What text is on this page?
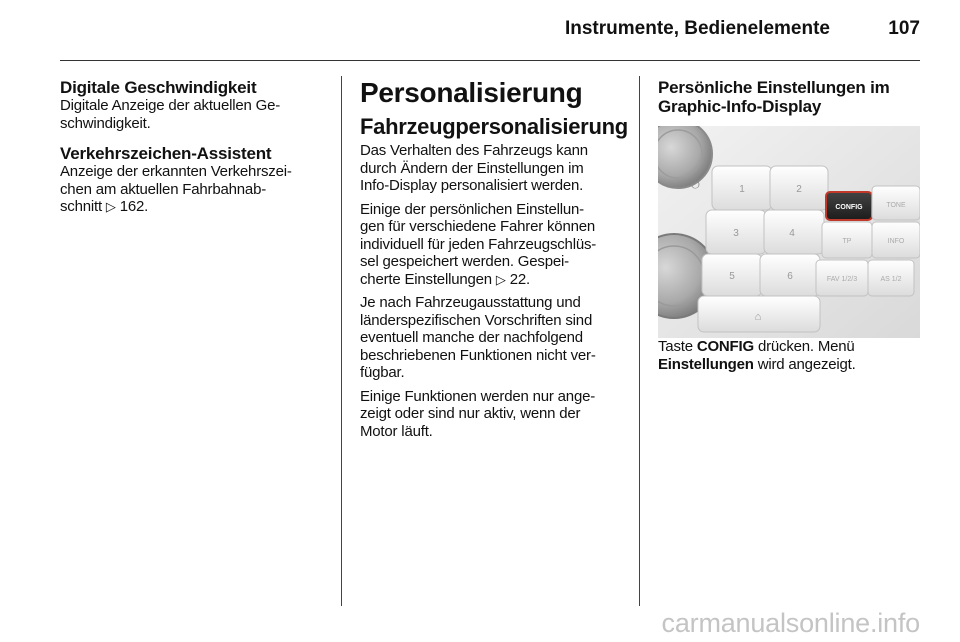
Instrumente, Bedienelemente	107
Digitale Geschwindigkeit

Digitale Anzeige der aktuellen Ge-
schwindigkeit.

Verkehrszeichen-Assistent

Anzeige der erkannten Verkehrszei-
chen am aktuellen Fahrbahnab-
schnitt ▷ 162.

Personalisierung
Fahrzeugpersonalisierung

Das Verhalten des Fahrzeugs kann
durch Ändern der Einstellungen im
Info-Display personalisiert werden.

Einige der persönlichen Einstellun-
gen für verschiedene Fahrer können
individuell für jeden Fahrzeugschlüs-
sel gespeichert werden. Gespei-
cherte Einstellungen ▷ 22.

Je nach Fahrzeugausstattung und
länderspezifischen Vorschriften sind
eventuell manche der nachfolgend
beschriebenen Funktionen nicht ver-
fügbar.

Einige Funktionen werden nur ange-
zeigt oder sind nur aktiv, wenn der
Motor läuft.

Persönliche Einstellungen im
Graphic-Info-Display
⏻	1	2
3	4
5	6
⌂
CONFIG	TONE
TP	INFO
FAV 1/2/3	AS 1/2

Taste CONFIG drücken. Menü
Einstellungen wird angezeigt.

carmanualsonline.info
